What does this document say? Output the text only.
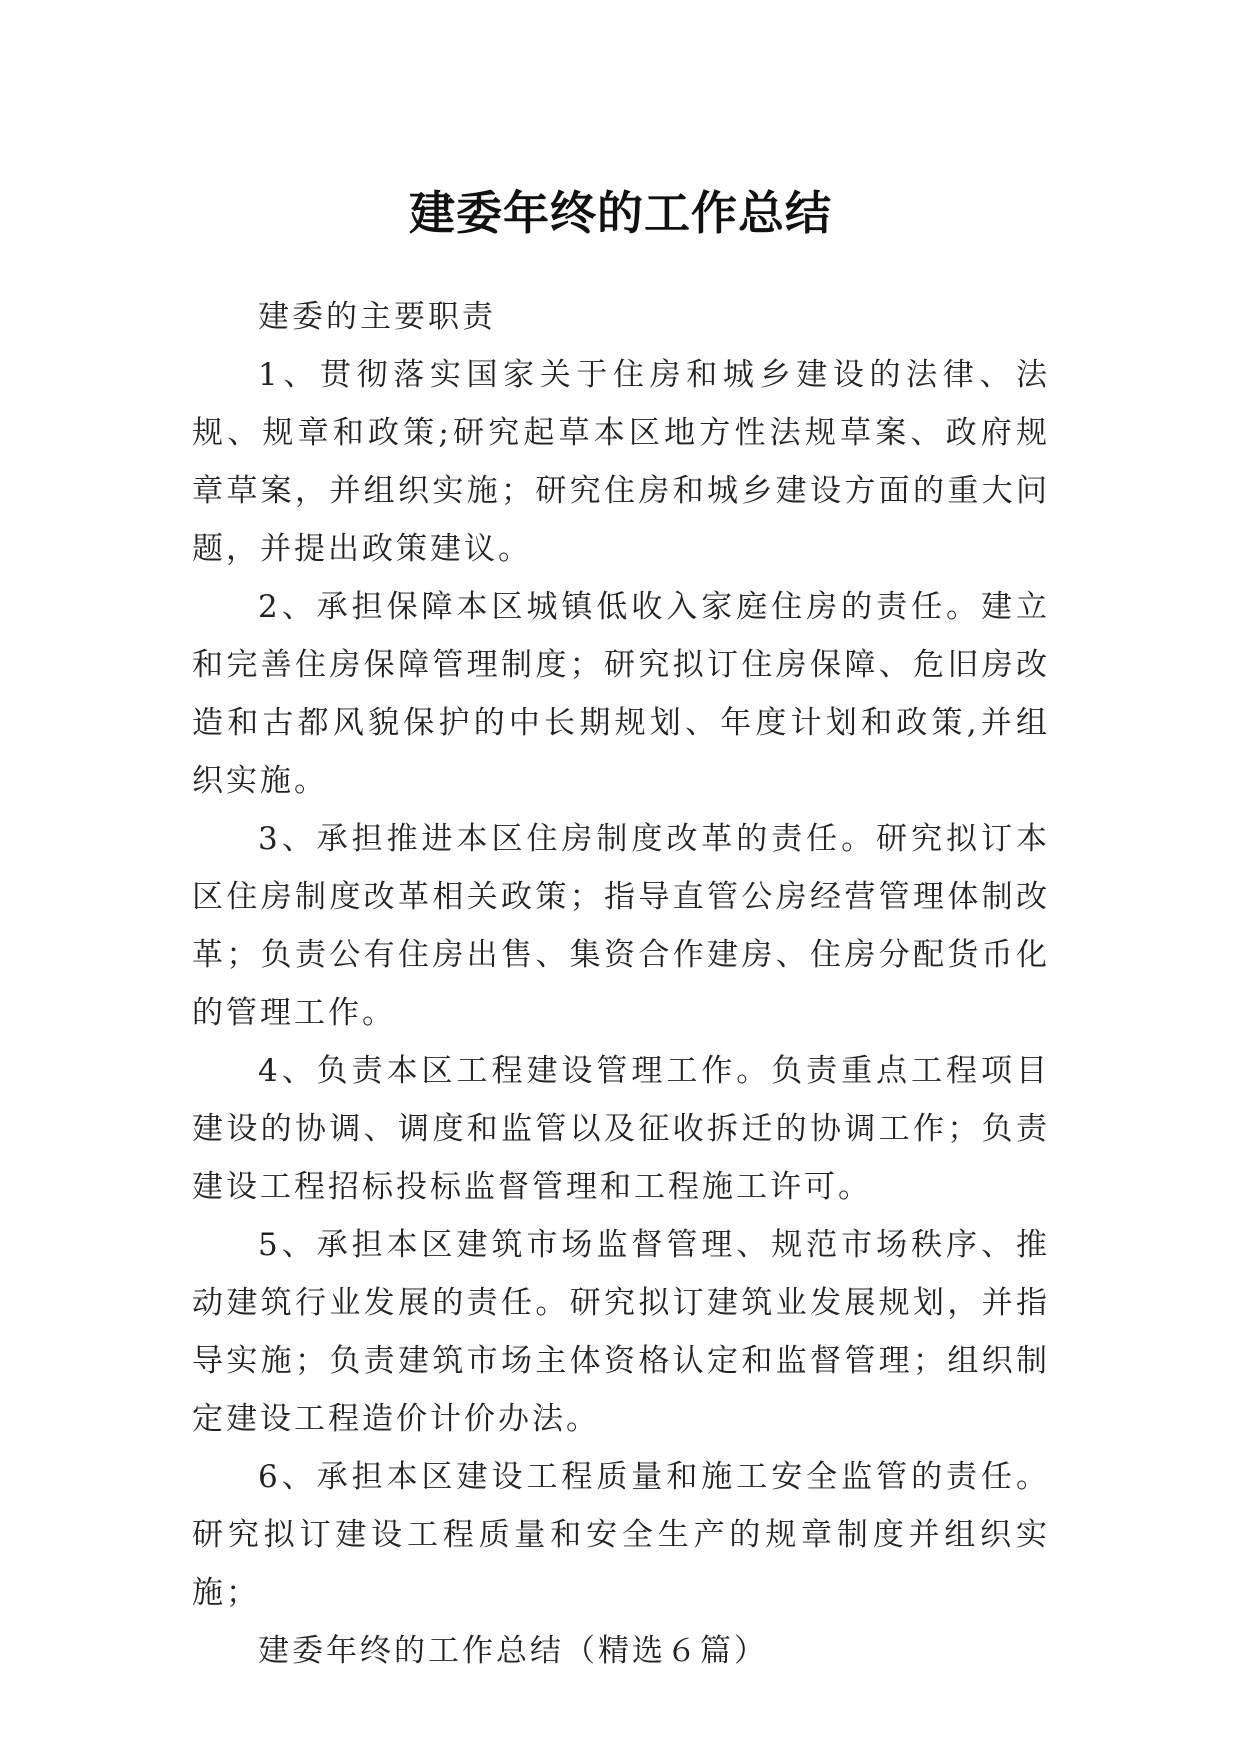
建委年终的工作总结

建委的主要职责

1、贯彻落实国家关于住房和城乡建设的法律、法规、规章和政策;研究起草本区地方性法规草案、政府规章草案，并组织实施；研究住房和城乡建设方面的重大问题，并提出政策建议。

2、承担保障本区城镇低收入家庭住房的责任。建立和完善住房保障管理制度；研究拟订住房保障、危旧房改造和古都风貌保护的中长期规划、年度计划和政策,并组织实施。

3、承担推进本区住房制度改革的责任。研究拟订本区住房制度改革相关政策；指导直管公房经营管理体制改革；负责公有住房出售、集资合作建房、住房分配货币化的管理工作。

4、负责本区工程建设管理工作。负责重点工程项目建设的协调、调度和监管以及征收拆迁的协调工作；负责建设工程招标投标监督管理和工程施工许可。

5、承担本区建筑市场监督管理、规范市场秩序、推动建筑行业发展的责任。研究拟订建筑业发展规划，并指导实施；负责建筑市场主体资格认定和监督管理；组织制定建设工程造价计价办法。

6、承担本区建设工程质量和施工安全监管的责任。研究拟订建设工程质量和安全生产的规章制度并组织实施；

建委年终的工作总结（精选６篇）
